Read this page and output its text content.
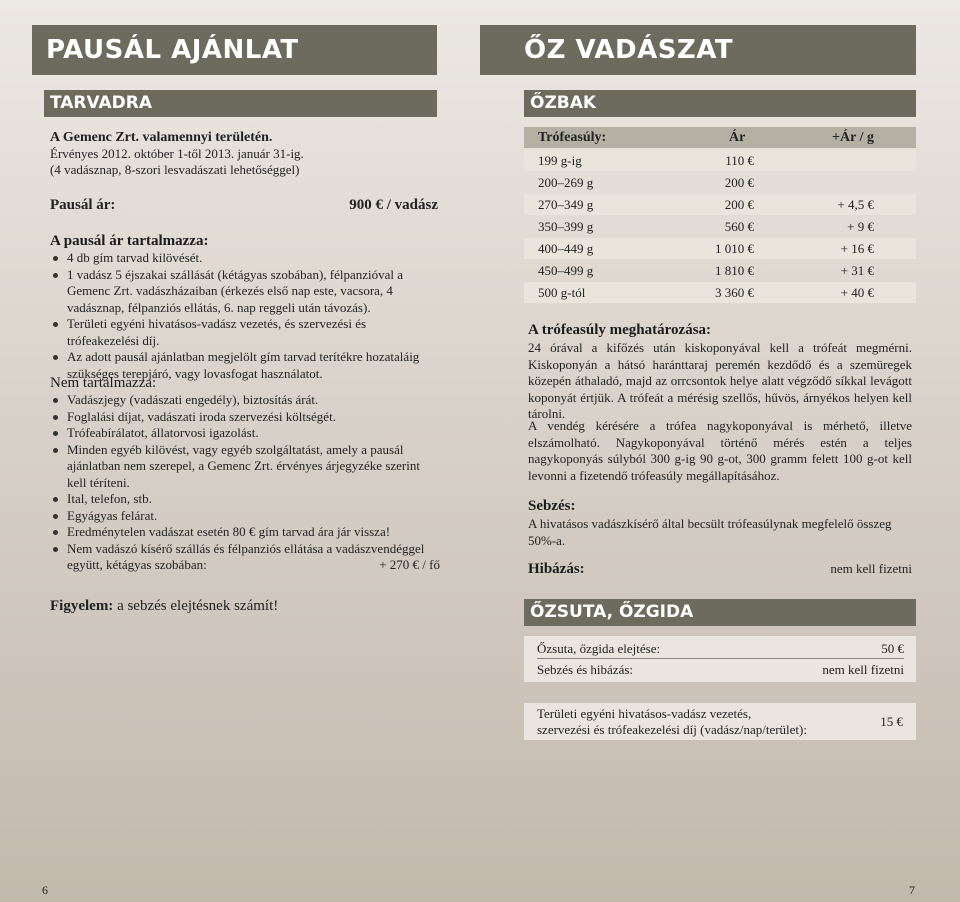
PAUSÁL AJÁNLAT
TARVADRA
A Gemenc Zrt. valamennyi területén.
Érvényes 2012. október 1-től 2013. január 31-ig.
(4 vadásznap, 8-szori lesvadászati lehetőséggel)
Pausál ár:	900 € / vadász
A pausál ár tartalmazza:
4 db gím tarvad kilövését.
1 vadász 5 éjszakai szállását (kétágyas szobában), félpanzióval a Gemenc Zrt. vadászházaiban (érkezés első nap este, vacsora, 4 vadásznap, félpanziós ellátás, 6. nap reggeli után távozás).
Területi egyéni hivatásos-vadász vezetés, és szervezési és trófeakezelési díj.
Az adott pausál ajánlatban megjelölt gím tarvad terítékre hozataláig szükséges terepjáró, vagy lovasfogat használatot.
Nem tartalmazza:
Vadászjegy (vadászati engedély), biztosítás árát.
Foglalási díjat, vadászati iroda szervezési költségét.
Trófeabírálatot, állatorvosi igazolást.
Minden egyéb kilövést, vagy egyéb szolgáltatást, amely a pausál ajánlatban nem szerepel, a Gemenc Zrt. érvényes árjegyzéke szerint kell téríteni.
Ital, telefon, stb.
Egyágyas felárat.
Eredménytelen vadászat esetén 80 € gím tarvad ára jár vissza!
Nem vadászó kísérő szállás és félpanziós ellátása a vadászvendéggel együtt, kétágyas szobában:	+ 270 € / fő
Figyelem: a sebzés elejtésnek számít!
6
ŐZ VADÁSZAT
ŐZBAK
Trófeasúly:	Ár	+Ár / g
199 g-ig	110 €
200–269 g	200 €
270–349 g	200 €	+ 4,5 €
350–399 g	560 €	+ 9 €
400–449 g	1 010 €	+ 16 €
450–499 g	1 810 €	+ 31 €
500 g-tól	3 360 €	+ 40 €
A trófeasúly meghatározása:
24 órával a kifőzés után kiskoponyával kell a trófeát megmérni. Kiskoponyán a hátsó haránttaraj peremén kezdődő és a szemüregek közepén áthaladó, majd az orrcsontok helye alatt végződő síkkal levágott koponyát értjük. A trófeát a mérésig szellős, hűvös, árnyékos helyen kell tárolni.
A vendég kérésére a trófea nagykoponyával is mérhető, illetve elszámolható. Nagykoponyával történő mérés estén a teljes nagykoponyás súlyból 300 g-ig 90 g-ot, 300 gramm felett 100 g-ot kell levonni a fizetendő trófeasúly megállapításához.
Sebzés:
A hivatásos vadászkísérő által becsült trófeasúlynak megfelelő összeg 50%-a.
Hibázás:	nem kell fizetni
ŐZSUTA, ŐZGIDA
Őzsuta, őzgida elejtése:	50 €
Sebzés és hibázás:	nem kell fizetni
Területi egyéni hivatásos-vadász vezetés,
szervezési és trófeakezelési díj (vadász/nap/terület):
15 €
7
